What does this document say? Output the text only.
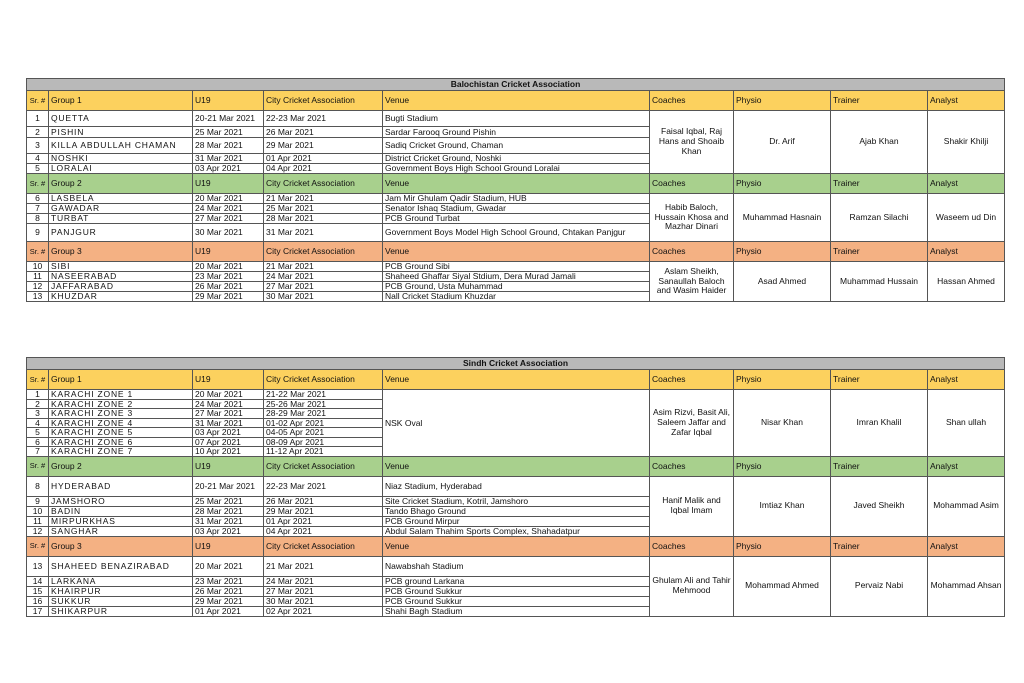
Balochistan Cricket Association								
Sr. #	Group 1	U19	City Cricket Association	Venue	Coaches	Physio	Trainer	Analyst
1	QUETTA	20-21 Mar 2021	22-23 Mar 2021	Bugti Stadium	Faisal Iqbal, Raj Hans and Shoaib Khan	Dr. Arif	Ajab Khan	Shakir Khilji
2	PISHIN	25 Mar 2021	26 Mar 2021	Sardar Farooq Ground Pishin				
3	KILLA ABDULLAH CHAMAN	28 Mar 2021	29 Mar 2021	Sadiq Cricket Ground, Chaman				
4	NOSHKI	31 Mar 2021	01 Apr 2021	District Cricket Ground, Noshki				
5	LORALAI	03 Apr 2021	04 Apr 2021	Government Boys High School Ground Loralai				
Sr. #	Group 2	U19	City Cricket Association	Venue	Coaches	Physio	Trainer	Analyst
6	LASBELA	20 Mar 2021	21 Mar 2021	Jam Mir Ghulam Qadir Stadium, HUB	Habib Baloch, Hussain Khosa and Mazhar Dinari	Muhammad Hasnain	Ramzan Silachi	Waseem ud Din
7	GAWADAR	24 Mar 2021	25 Mar 2021	Senator Ishaq Stadium, Gwadar				
8	TURBAT	27 Mar 2021	28 Mar 2021	PCB Ground Turbat				
9	PANJGUR	30 Mar 2021	31 Mar 2021	Government Boys Model High School Ground, Chtakan Panjgur				
Sr. #	Group 3	U19	City Cricket Association	Venue	Coaches	Physio	Trainer	Analyst
10	SIBI	20 Mar 2021	21 Mar 2021	PCB Ground Sibi	Aslam Sheikh, Sanaullah Baloch and Wasim Haider	Asad Ahmed	Muhammad Hussain	Hassan Ahmed
11	NASEERABAD	23 Mar 2021	24 Mar 2021	Shaheed Ghaffar Siyal Stdium, Dera Murad Jamali				
12	JAFFARABAD	26 Mar 2021	27 Mar 2021	PCB Ground, Usta Muhammad				
13	KHUZDAR	29 Mar 2021	30 Mar 2021	Nall Cricket Stadium Khuzdar				
Sindh Cricket Association								
Sr. #	Group 1	U19	City Cricket Association	Venue	Coaches	Physio	Trainer	Analyst
1	KARACHI ZONE 1	20 Mar 2021	21-22 Mar 2021	NSK Oval	Asim Rizvi, Basit Ali, Saleem Jaffar and Zafar Iqbal	Nisar Khan	Imran Khalil	Shan ullah
2	KARACHI ZONE 2	24 Mar 2021	25-26 Mar 2021					
3	KARACHI ZONE 3	27 Mar 2021	28-29 Mar 2021					
4	KARACHI ZONE 4	31 Mar 2021	01-02 Apr 2021					
5	KARACHI ZONE 5	03 Apr 2021	04-05 Apr 2021					
6	KARACHI ZONE 6	07 Apr 2021	08-09 Apr 2021					
7	KARACHI ZONE 7	10 Apr 2021	11-12 Apr 2021					
Sr. #	Group 2	U19	City Cricket Association	Venue	Coaches	Physio	Trainer	Analyst
8	HYDERABAD	20-21 Mar 2021	22-23 Mar 2021	Niaz Stadium, Hyderabad	Hanif Malik and Iqbal Imam	Imtiaz Khan	Javed Sheikh	Mohammad Asim
9	JAMSHORO	25 Mar 2021	26 Mar 2021	Site Cricket Stadium, Kotril, Jamshoro				
10	BADIN	28 Mar 2021	29 Mar 2021	Tando Bhago Ground				
11	MIRPURKHAS	31 Mar 2021	01 Apr 2021	PCB Ground Mirpur				
12	SANGHAR	03 Apr 2021	04 Apr 2021	Abdul Salam Thahim Sports Complex, Shahadatpur				
Sr. #	Group 3	U19	City Cricket Association	Venue	Coaches	Physio	Trainer	Analyst
13	SHAHEED BENAZIRABAD	20 Mar 2021	21 Mar 2021	Nawabshah Stadium	Ghulam Ali and Tahir Mehmood	Mohammad Ahmed	Pervaiz Nabi	Mohammad Ahsan
14	LARKANA	23 Mar 2021	24 Mar 2021	PCB ground Larkana				
15	KHAIRPUR	26 Mar 2021	27 Mar 2021	PCB Ground Sukkur				
16	SUKKUR	29 Mar 2021	30 Mar 2021	PCB Ground Sukkur				
17	SHIKARPUR	01 Apr 2021	02 Apr 2021	Shahi Bagh Stadium				
